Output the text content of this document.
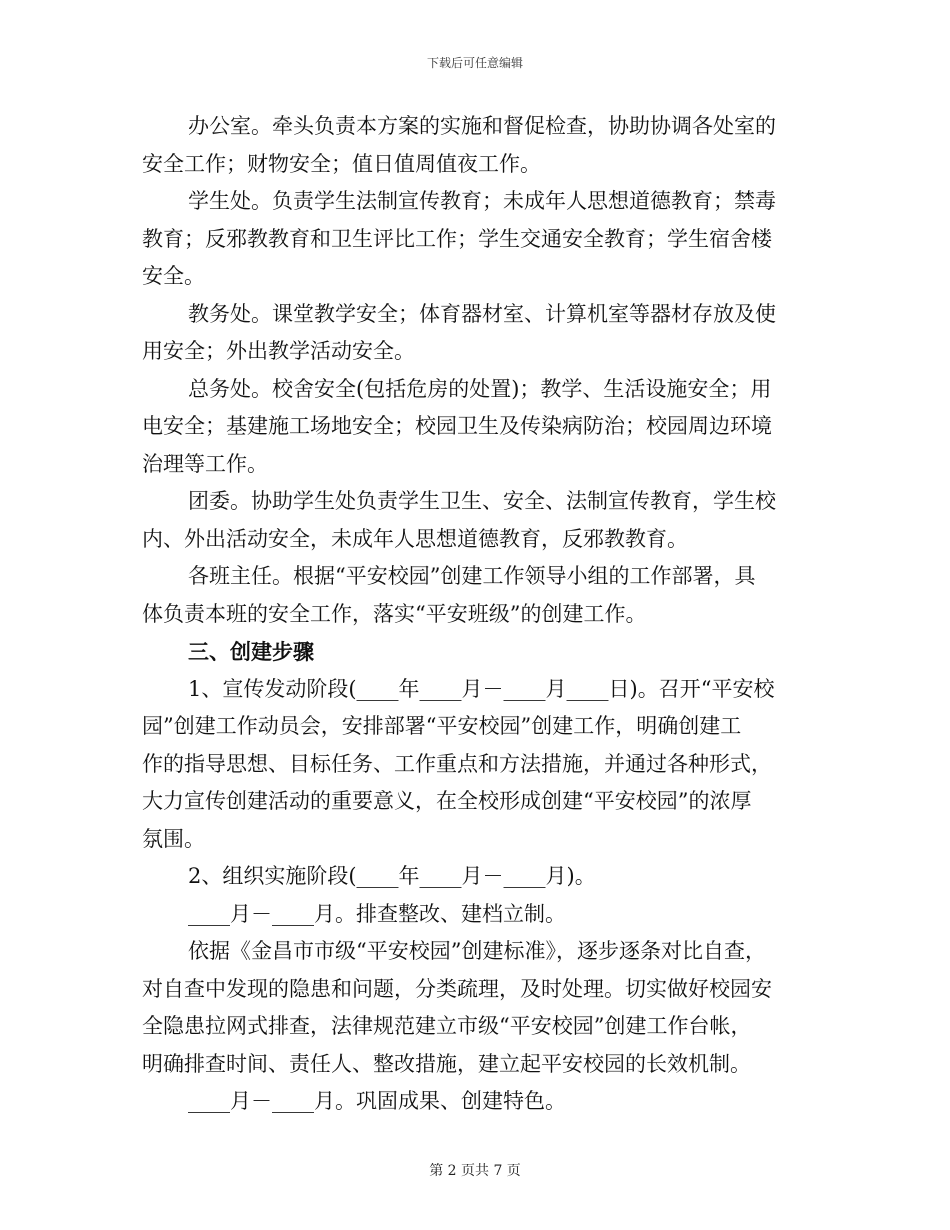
下载后可任意编辑
办公室。牵头负责本方案的实施和督促检查，协助协调各处室的
安全工作；财物安全；值日值周值夜工作。
学生处。负责学生法制宣传教育；未成年人思想道德教育；禁毒
教育；反邪教教育和卫生评比工作；学生交通安全教育；学生宿舍楼
安全。
教务处。课堂教学安全；体育器材室、计算机室等器材存放及使
用安全；外出教学活动安全。
总务处。校舍安全(包括危房的处置)；教学、生活设施安全；用
电安全；基建施工场地安全；校园卫生及传染病防治；校园周边环境
治理等工作。
团委。协助学生处负责学生卫生、安全、法制宣传教育，学生校
内、外出活动安全，未成年人思想道德教育，反邪教教育。
各班主任。根据“平安校园”创建工作领导小组的工作部署，具
体负责本班的安全工作，落实“平安班级”的创建工作。
三、创建步骤
1、宣传发动阶段(____年____月－____月____日)。召开“平安校
园”创建工作动员会，安排部署“平安校园”创建工作，明确创建工
作的指导思想、目标任务、工作重点和方法措施，并通过各种形式，
大力宣传创建活动的重要意义，在全校形成创建“平安校园”的浓厚
氛围。
2、组织实施阶段(____年____月－____月)。
____月－____月。排查整改、建档立制。
依据《金昌市市级“平安校园”创建标准》，逐步逐条对比自查，
对自查中发现的隐患和问题，分类疏理，及时处理。切实做好校园安
全隐患拉网式排查，法律规范建立市级“平安校园”创建工作台帐，
明确排查时间、责任人、整改措施，建立起平安校园的长效机制。
____月－____月。巩固成果、创建特色。
第 2 页共 7 页
